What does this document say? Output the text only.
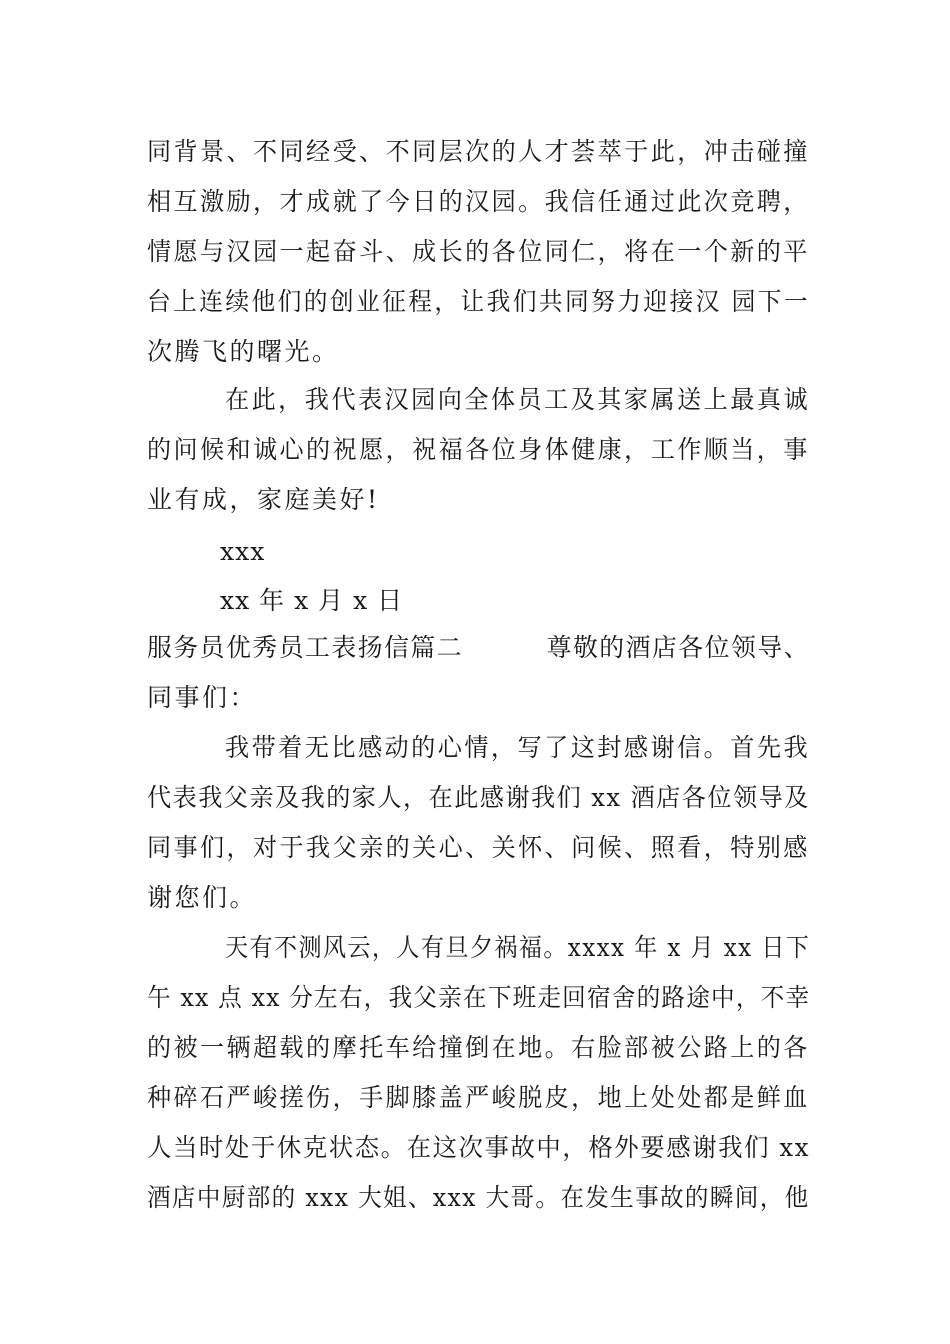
同背景、不同经受、不同层次的人才荟萃于此，冲击碰撞
相互激励，才成就了今日的汉园。我信任通过此次竞聘，
情愿与汉园一起奋斗、成长的各位同仁，将在一个新的平
台上连续他们的创业征程，让我们共同努力迎接汉 园下一
次腾飞的曙光。
在此，我代表汉园向全体员工及其家属送上最真诚
的问候和诚心的祝愿，祝福各位身体健康，工作顺当，事
业有成，家庭美好!
xxx
xx 年 x 月 x 日
服务员优秀员工表扬信篇二	尊敬的酒店各位领导、
同事们：
我带着无比感动的心情，写了这封感谢信。首先我
代表我父亲及我的家人，在此感谢我们 xx 酒店各位领导及
同事们，对于我父亲的关心、关怀、问候、照看，特别感
谢您们。
天有不测风云，人有旦夕祸福。xxxx 年 x 月 xx 日下
午 xx 点 xx 分左右，我父亲在下班走回宿舍的路途中，不幸
的被一辆超载的摩托车给撞倒在地。右脸部被公路上的各
种碎石严峻搓伤，手脚膝盖严峻脱皮，地上处处都是鲜血
人当时处于休克状态。在这次事故中，格外要感谢我们 xx
酒店中厨部的 xxx 大姐、xxx 大哥。在发生事故的瞬间，他
